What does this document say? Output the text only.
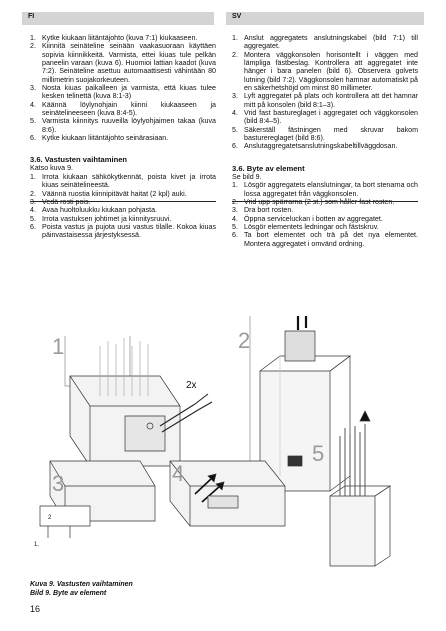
FI	SV
1. Kytke kiukaan liitäntäjohto (kuva 7:1) kiukaaseen.
2. Kiinnitä seinäteline seinään vaakasuoraan käyttäen sopivia kiinnikkeitä. Varmista, ettei kiuas tule pelkän paneelin varaan (kuva 6). Huomioi lattian kaadot (kuva 7:2). Seinäteline asettuu automaattisesti vähintään 80 millimetrin suojakorkeuteen.
3. Nosta kiuas paikalleen ja varmista, että kiuas tulee kesken telinettä (kuva 8:1-3)
4. Käännä löylynohjain kiinni kiukaaseen ja seinätelineeseen (kuva 8:4-5).
5. Varmista kiinnitys ruuveilla löylyohjaimen takaa (kuva 8:6).
6. Kytke kiukaan liitäntäjohto seinärasiaan.
3.6. Vastusten vaihtaminen
Katso kuva 9.
1. Irrota kiukaan sähkökytkennät, poista kivet ja irrota kiuas seinätelineestä.
2. Väännä ruostia kiinnipitävät haitat (2 kpl) auki.
4. Avaa huoltoluukku kiukaan pohjasta.
5. Irrota vastuksen johtimet ja kiinnitysruuvi.
6. Poista vastus ja pujota uusi vastus tilalle. Kokoa kiuas päinvastaisessa järjestyksessä.
1. Anslut aggregatets anslutningskabel (bild 7:1) till aggregatet.
2. Montera väggkonsolen horisontellt i väggen med lämpliga fästbeslag. Kontrollera att aggregatet inte hänger i bara panelen (bild 6). Observera golvets lutning (bild 7:2). Väggkonsolen hamnar automatiskt på en säkerhetshöjd om minst 80 millimeter.
3. Lyft aggregatet på plats och kontrollera att det hamnar mitt på konsolen (bild 8:1–3).
4. Vrid fast bastureglaget i aggregatet och väggkonsolen (bild 8:4–5).
5. Säkerställ fästningen med skruvar bakom basturereglaget (bild 8:6).
6. Anslutaggregatetsanslutningskabeltillväggdosan.
3.6. Byte av element
Se bild 9.
1. Lösgör aggregatets elanslutningar, ta bort stenarna och lossa aggregatet från väggkonsolen.
3. Dra bort rosten.
4. Öppna serviceluckan i botten av aggregatet.
5. Lösgör elementets ledningar och fästskruv.
6. Ta bort elementet och trä på det nya elementet. Montera aggregatet i omvänd ordning.
1
2x
2
3
2
1.
4
5
Kuva 9. Vastusten vaihtaminen
Bild 9. Byte av element
16
